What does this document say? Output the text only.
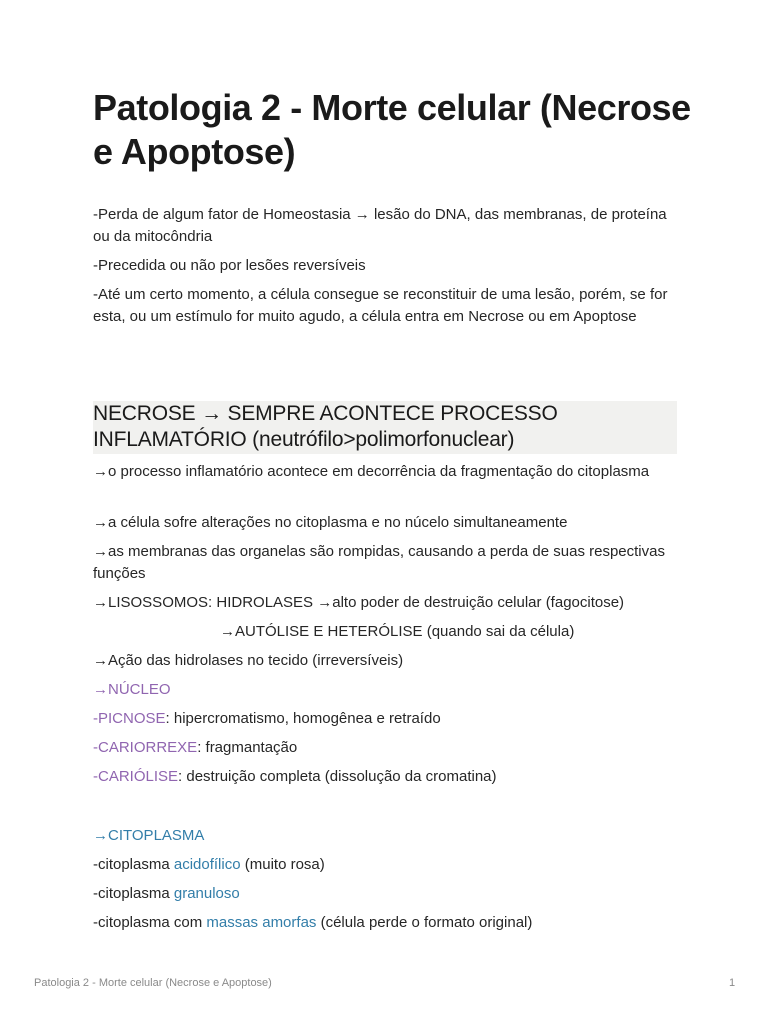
Patologia 2 - Morte celular (Necrose e Apoptose)

-Perda de algum fator de Homeostasia → lesão do DNA, das membranas, de proteína ou da mitocôndria

-Precedida ou não por lesões reversíveis

-Até um certo momento, a célula consegue se reconstituir de uma lesão, porém, se for esta, ou um estímulo for muito agudo, a célula entra em Necrose ou em Apoptose

NECROSE → SEMPRE ACONTECE PROCESSO INFLAMATÓRIO (neutrófilo>polimorfonuclear)

→o processo inflamatório acontece em decorrência da fragmentação do citoplasma

→a célula sofre alterações no citoplasma e no núcelo simultaneamente

→as membranas das organelas são rompidas, causando a perda de suas respectivas funções

→LISOSSOMOS: HIDROLASES →alto poder de destruição celular (fagocitose)

→AUTÓLISE E HETERÓLISE (quando sai da célula)

→Ação das hidrolases no tecido (irreversíveis)

→NÚCLEO

-PICNOSE: hipercromatismo, homogênea e retraído

-CARIORREXE: fragmantação

-CARIÓLISE: destruição completa (dissolução da cromatina)

→CITOPLASMA

-citoplasma acidofílico (muito rosa)

-citoplasma granuloso

-citoplasma com massas amorfas (célula perde o formato original)

Patologia 2 - Morte celular (Necrose e Apoptose)	1
